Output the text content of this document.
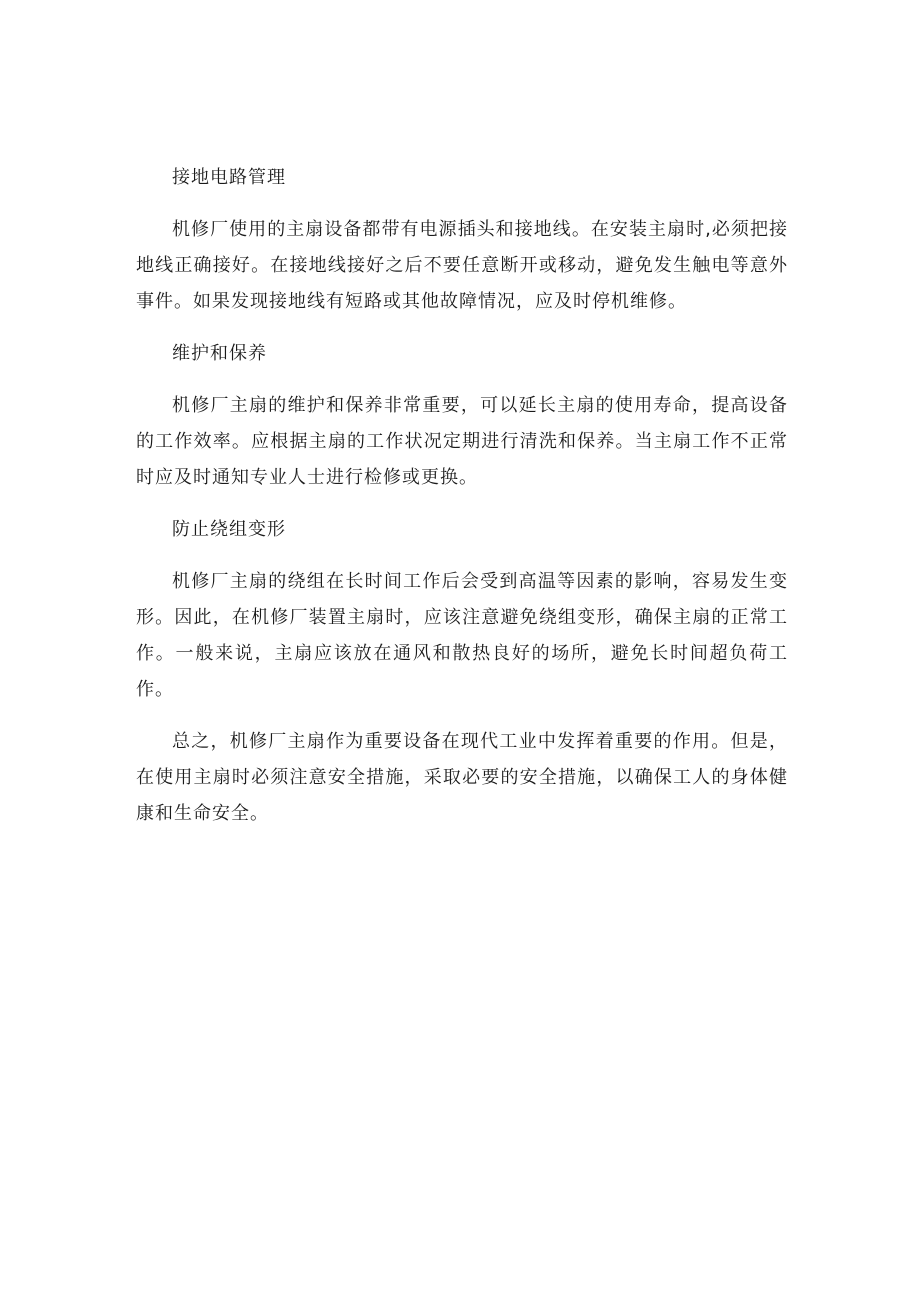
接地电路管理

机修厂使用的主扇设备都带有电源插头和接地线。在安装主扇时,必须把接地线正确接好。在接地线接好之后不要任意断开或移动，避免发生触电等意外事件。如果发现接地线有短路或其他故障情况，应及时停机维修。

维护和保养

机修厂主扇的维护和保养非常重要，可以延长主扇的使用寿命，提高设备的工作效率。应根据主扇的工作状况定期进行清洗和保养。当主扇工作不正常时应及时通知专业人士进行检修或更换。

防止绕组变形

机修厂主扇的绕组在长时间工作后会受到高温等因素的影响，容易发生变形。因此，在机修厂装置主扇时，应该注意避免绕组变形，确保主扇的正常工作。一般来说，主扇应该放在通风和散热良好的场所，避免长时间超负荷工作。

总之，机修厂主扇作为重要设备在现代工业中发挥着重要的作用。但是，在使用主扇时必须注意安全措施，采取必要的安全措施，以确保工人的身体健康和生命安全。
